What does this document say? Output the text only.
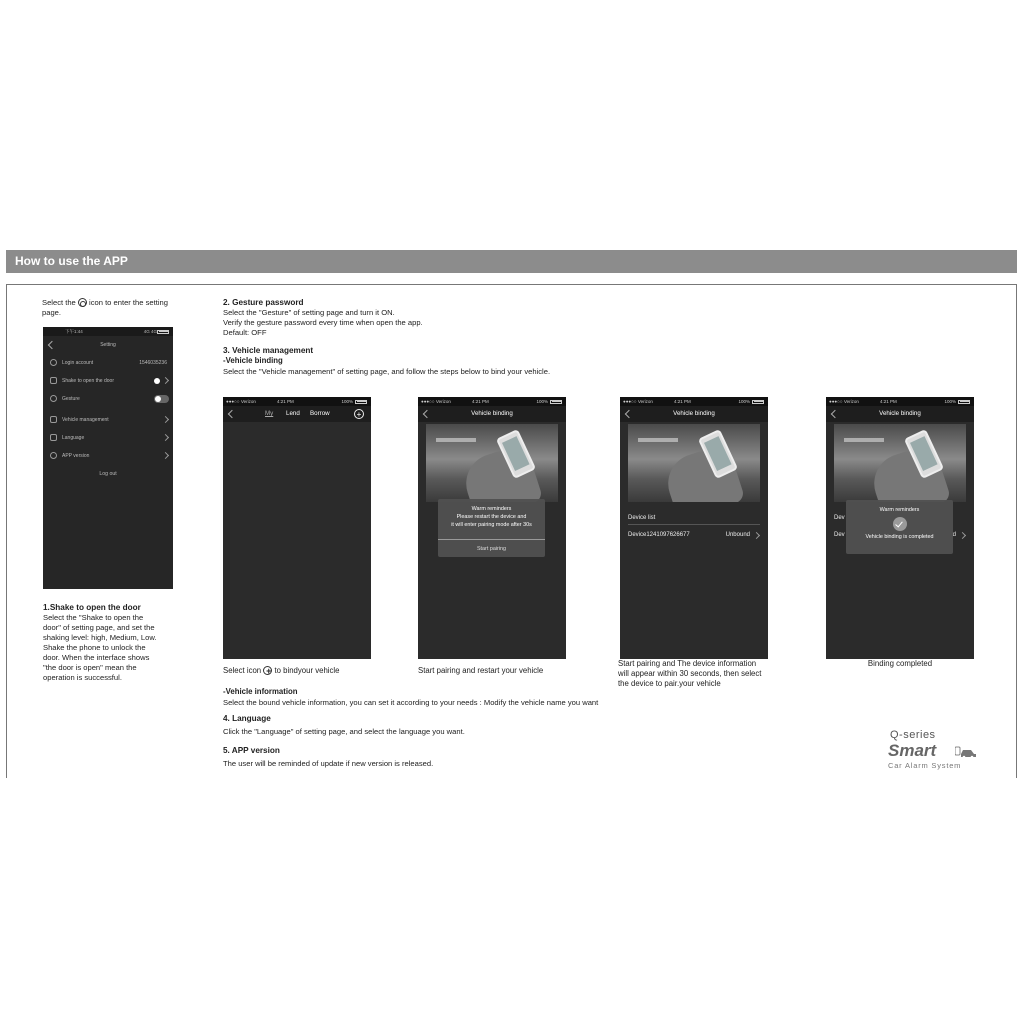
How to use the APP
Select the icon to enter the setting
page.
下午1:44	4G 4G
Setting
Login account	1546035236
Shake to open the door
Gesture
Vehicle management
Language
APP version
Log out
1.Shake to open the door
Select the "Shake to open the
door" of setting page, and set the
shaking level: high, Medium, Low.
Shake the phone to unlock the
door. When the interface shows
"the door is open" mean the
operation is successful.
2. Gesture password
Select the "Gesture" of setting page and turn it ON.
Verify the gesture password every time when open the app.
Default: OFF
3. Vehicle management
-Vehicle binding
Select the "Vehicle management" of setting page, and follow the steps below to bind your vehicle.
●●●○○ Verizon	4:21 PM	100%
My Lend Borrow	+
●●●○○ Verizon	4:21 PM	100%
Vehicle binding
Warm reminders
Please restart the device and
it will enter pairing mode after 30s
Start pairing
●●●○○ Verizon	4:21 PM	100%
Vehicle binding
Device list
Device1241097626677	Unbound
●●●○○ Verizon	4:21 PM	100%
Vehicle binding
Dev
Dev	d
Warm reminders
Vehicle binding is completed
Select icon + to bindyour vehicle	Start pairing and restart your vehicle
Start pairing and The device information
will appear within 30 seconds, then select
the device to pair.your vehicle
Binding completed
-Vehicle information
Select the bound vehicle information, you can set it according to your needs : Modify the vehicle name you want
4. Language
Click the "Language" of setting page, and select the language you want.
5. APP version
The user will be reminded of update if new version is released.
Q-series
Smart
Car Alarm System
